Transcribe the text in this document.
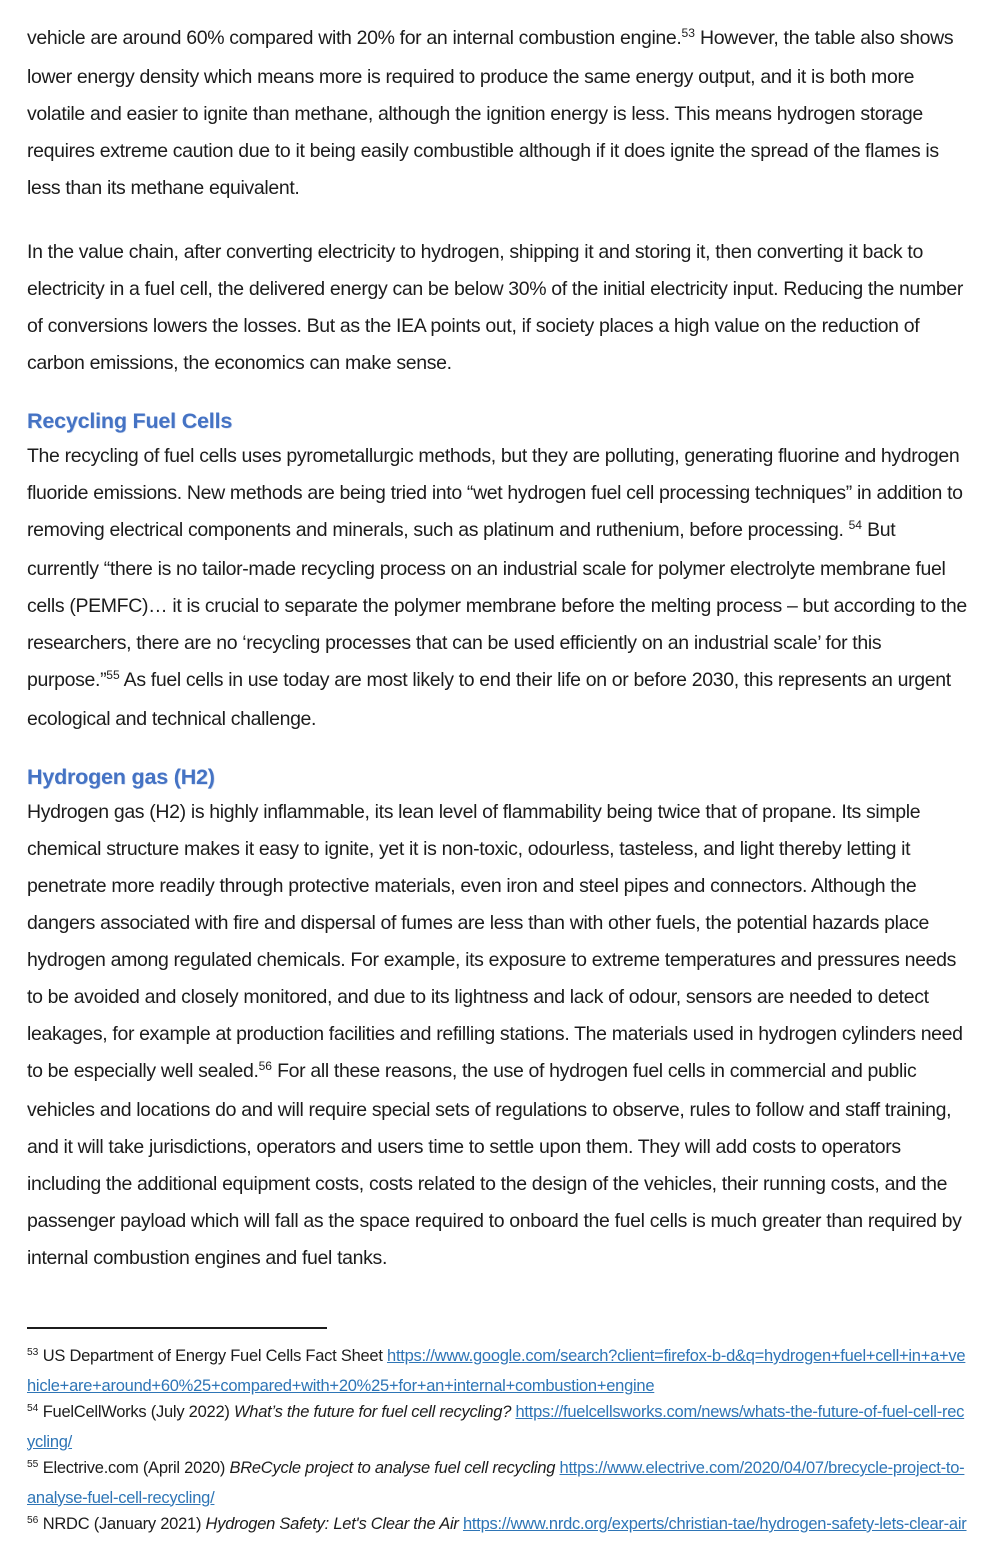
vehicle are around 60% compared with 20% for an internal combustion engine.$^{53}$ However, the table also shows lower energy density which means more is required to produce the same energy output, and it is both more volatile and easier to ignite than methane, although the ignition energy is less. This means hydrogen storage requires extreme caution due to it being easily combustible although if it does ignite the spread of the flames is less than its methane equivalent.

In the value chain, after converting electricity to hydrogen, shipping it and storing it, then converting it back to electricity in a fuel cell, the delivered energy can be below 30% of the initial electricity input. Reducing the number of conversions lowers the losses. But as the IEA points out, if society places a high value on the reduction of carbon emissions, the economics can make sense.

Recycling Fuel Cells

The recycling of fuel cells uses pyrometallurgic methods, but they are polluting, generating fluorine and hydrogen fluoride emissions. New methods are being tried into “wet hydrogen fuel cell processing techniques” in addition to removing electrical components and minerals, such as platinum and ruthenium, before processing. $^{54}$ But currently “there is no tailor-made recycling process on an industrial scale for polymer electrolyte membrane fuel cells (PEMFC)… it is crucial to separate the polymer membrane before the melting process – but according to the researchers, there are no ‘recycling processes that can be used efficiently on an industrial scale’ for this purpose.”$^{55}$ As fuel cells in use today are most likely to end their life on or before 2030, this represents an urgent ecological and technical challenge.

Hydrogen gas (H2)

Hydrogen gas (H2) is highly inflammable, its lean level of flammability being twice that of propane. Its simple chemical structure makes it easy to ignite, yet it is non-toxic, odourless, tasteless, and light thereby letting it penetrate more readily through protective materials, even iron and steel pipes and connectors. Although the dangers associated with fire and dispersal of fumes are less than with other fuels, the potential hazards place hydrogen among regulated chemicals. For example, its exposure to extreme temperatures and pressures needs to be avoided and closely monitored, and due to its lightness and lack of odour, sensors are needed to detect leakages, for example at production facilities and refilling stations. The materials used in hydrogen cylinders need to be especially well sealed.$^{56}$ For all these reasons, the use of hydrogen fuel cells in commercial and public vehicles and locations do and will require special sets of regulations to observe, rules to follow and staff training, and it will take jurisdictions, operators and users time to settle upon them. They will add costs to operators including the additional equipment costs, costs related to the design of the vehicles, their running costs, and the passenger payload which will fall as the space required to onboard the fuel cells is much greater than required by internal combustion engines and fuel tanks.

$^{53}$ US Department of Energy Fuel Cells Fact Sheet https://www.google.com/search?client=firefox-b-d&q=hydrogen+fuel+cell+in+a+vehicle+are+around+60%25+compared+with+20%25+for+an+internal+combustion+engine

$^{54}$ FuelCellWorks (July 2022) What’s the future for fuel cell recycling? https://fuelcellsworks.com/news/whats-the-future-of-fuel-cell-recycling/

$^{55}$ Electrive.com (April 2020) BReCycle project to analyse fuel cell recycling https://www.electrive.com/2020/04/07/brecycle-project-to-analyse-fuel-cell-recycling/

$^{56}$ NRDC (January 2021) Hydrogen Safety: Let's Clear the Air https://www.nrdc.org/experts/christian-tae/hydrogen-safety-lets-clear-air
